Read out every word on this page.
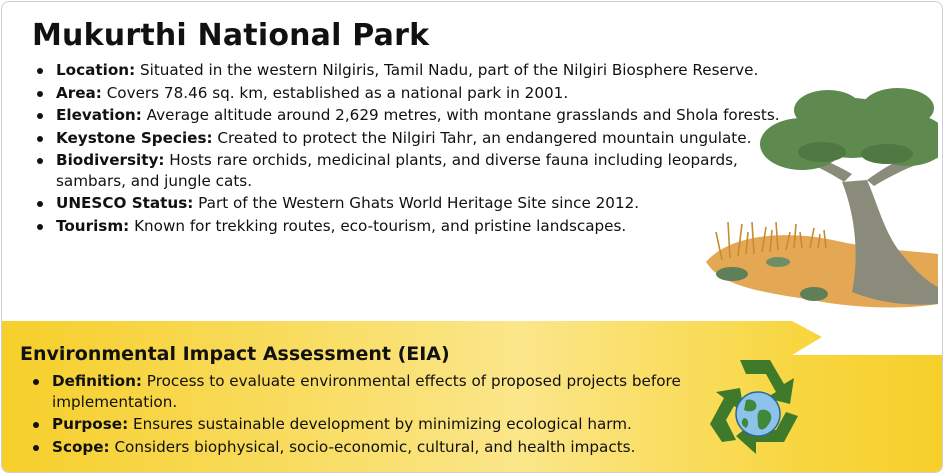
Mukurthi National Park
Location: Situated in the western Nilgiris, Tamil Nadu, part of the Nilgiri Biosphere Reserve.
Area: Covers 78.46 sq. km, established as a national park in 2001.
Elevation: Average altitude around 2,629 metres, with montane grasslands and Shola forests.
Keystone Species: Created to protect the Nilgiri Tahr, an endangered mountain ungulate.
Biodiversity: Hosts rare orchids, medicinal plants, and diverse fauna including leopards, sambars, and jungle cats.
UNESCO Status: Part of the Western Ghats World Heritage Site since 2012.
Tourism: Known for trekking routes, eco-tourism, and pristine landscapes.
Environmental Impact Assessment (EIA)
Definition: Process to evaluate environmental effects of proposed projects before implementation.
Purpose: Ensures sustainable development by minimizing ecological harm.
Scope: Considers biophysical, socio-economic, cultural, and health impacts.
